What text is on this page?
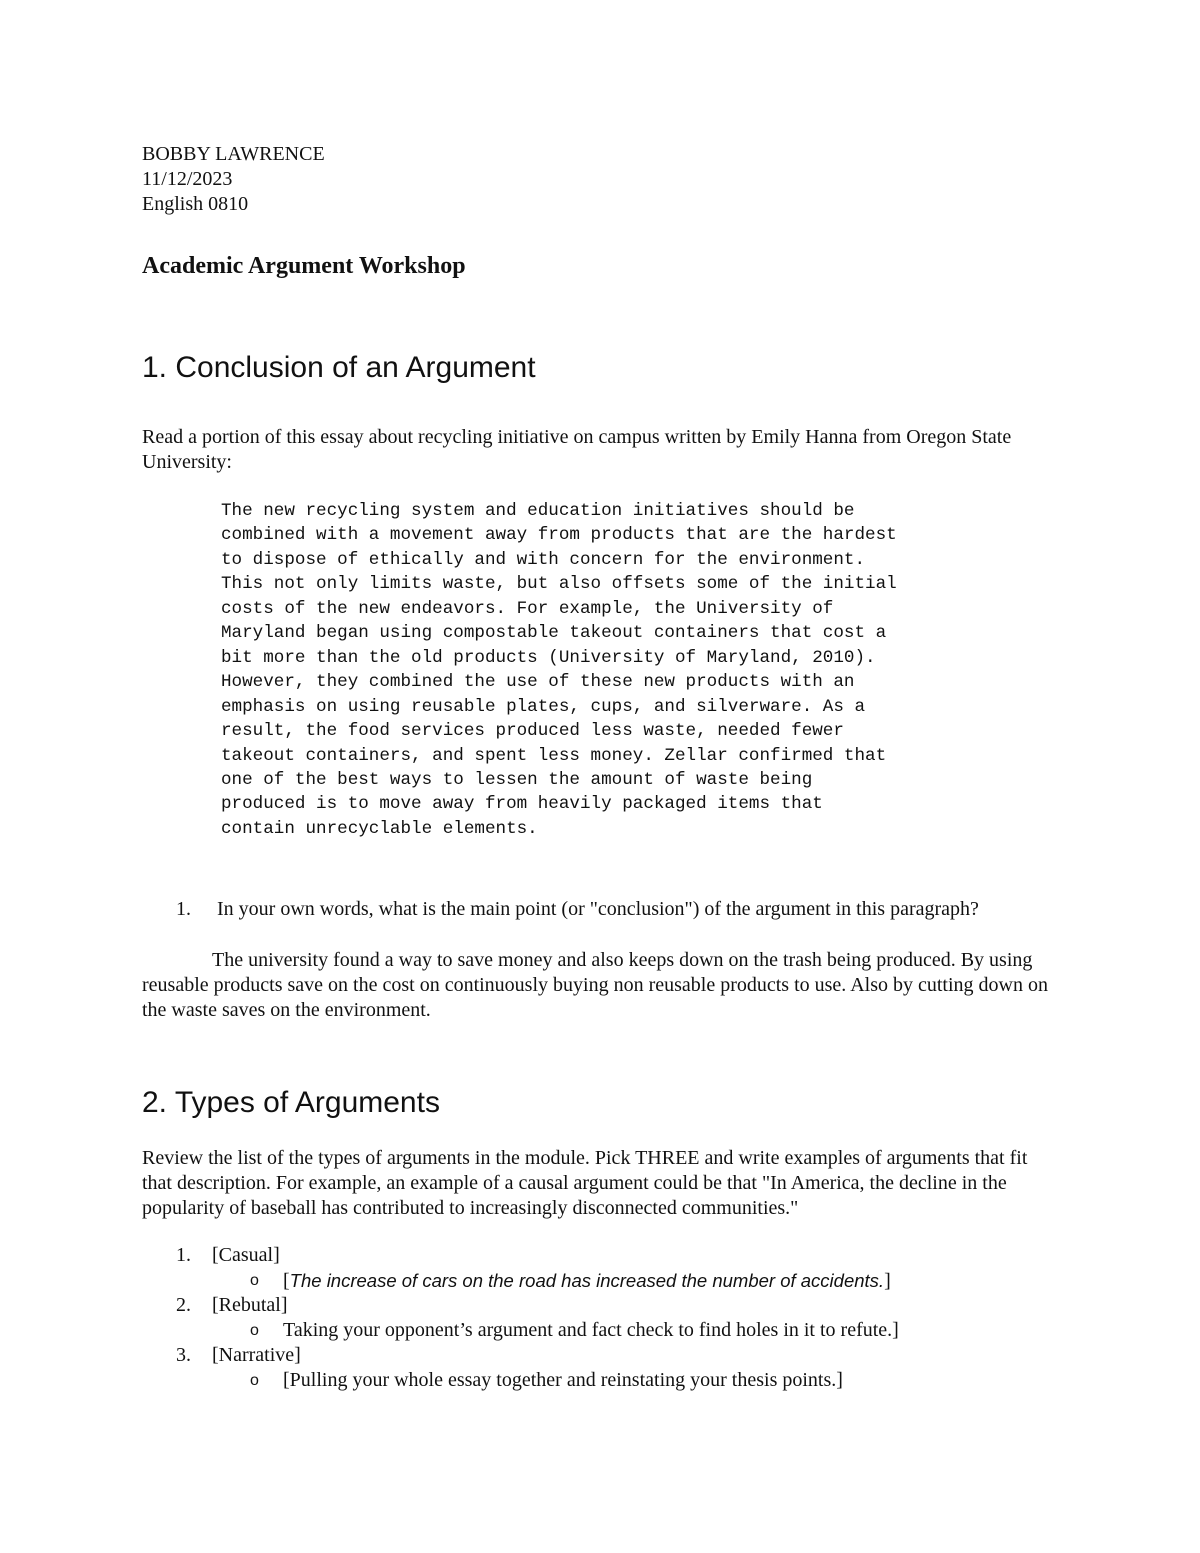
BOBBY LAWRENCE
11/12/2023
English 0810
Academic Argument Workshop
1. Conclusion of an Argument

Read a portion of this essay about recycling initiative on campus written by Emily Hanna from Oregon State University:

The new recycling system and education initiatives should be
combined with a movement away from products that are the hardest
to dispose of ethically and with concern for the environment.
This not only limits waste, but also offsets some of the initial
costs of the new endeavors. For example, the University of
Maryland began using compostable takeout containers that cost a
bit more than the old products (University of Maryland, 2010).
However, they combined the use of these new products with an
emphasis on using reusable plates, cups, and silverware. As a
result, the food services produced less waste, needed fewer
takeout containers, and spent less money. Zellar confirmed that
one of the best ways to lessen the amount of waste being
produced is to move away from heavily packaged items that
contain unrecyclable elements.
1. In your own words, what is the main point (or "conclusion") of the argument in this paragraph?

The university found a way to save money and also keeps down on the trash being produced. By using reusable products save on the cost on continuously buying non reusable products to use. Also by cutting down on the waste saves on the environment.

2. Types of Arguments

Review the list of the types of arguments in the module. Pick THREE and write examples of arguments that fit that description. For example, an example of a causal argument could be that "In America, the decline in the popularity of baseball has contributed to increasingly disconnected communities."

1. [Casual]
o [The increase of cars on the road has increased the number of accidents.]
2. [Rebutal]
o Taking your opponent’s argument and fact check to find holes in it to refute.]
3. [Narrative]
o [Pulling your whole essay together and reinstating your thesis points.]
